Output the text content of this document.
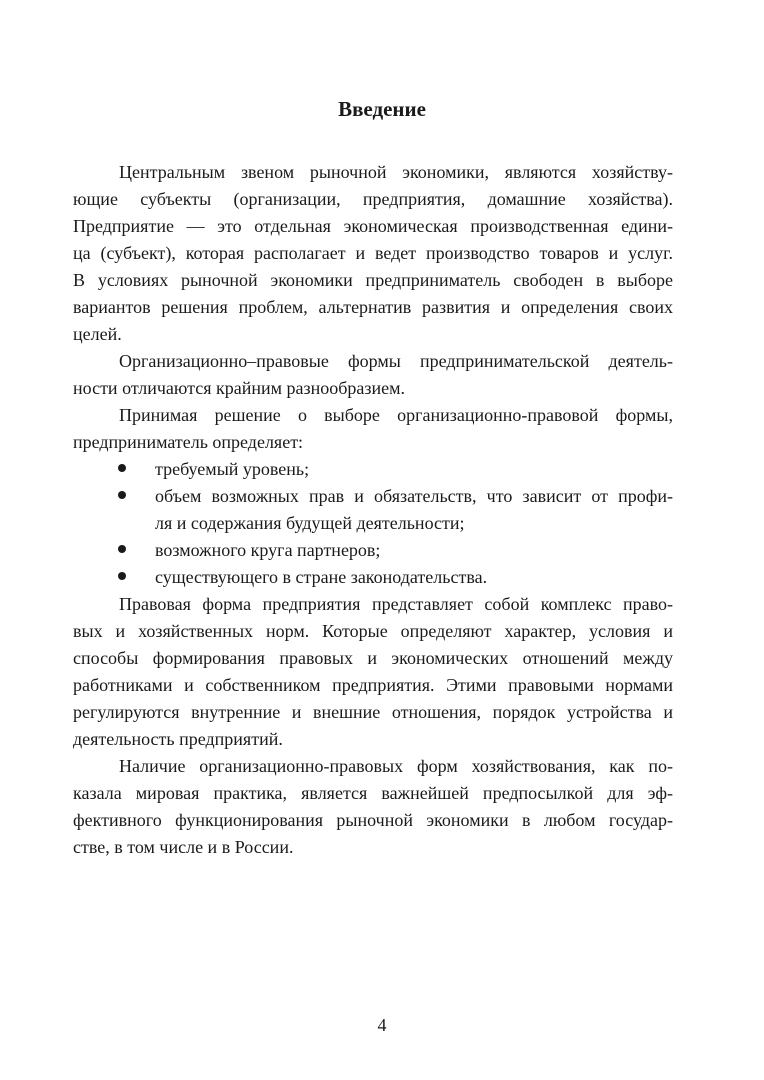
Введение
Центральным звеном рыночной экономики, являются хозяйству-
ющие субъекты (организации, предприятия, домашние хозяйства).
Предприятие — это отдельная экономическая производственная едини-
ца (субъект), которая располагает и ведет производство товаров и услуг.
В условиях рыночной экономики предприниматель свободен в выборе
вариантов решения проблем, альтернатив развития и определения своих
целей.
Организационно–правовые формы предпринимательской деятель-
ности отличаются крайним разнообразием.
Принимая решение о выборе организационно-правовой формы,
предприниматель определяет:
требуемый уровень;
объем возможных прав и обязательств, что зависит от профи-
ля и содержания будущей деятельности;
возможного круга партнеров;
существующего в стране законодательства.
Правовая форма предприятия представляет собой комплекс право-
вых и хозяйственных норм. Которые определяют характер, условия и
способы формирования правовых и экономических отношений между
работниками и собственником предприятия. Этими правовыми нормами
регулируются внутренние и внешние отношения, порядок устройства и
деятельность предприятий.
Наличие организационно-правовых форм хозяйствования, как по-
казала мировая практика, является важнейшей предпосылкой для эф-
фективного функционирования рыночной экономики в любом государ-
стве, в том числе и в России.
4
